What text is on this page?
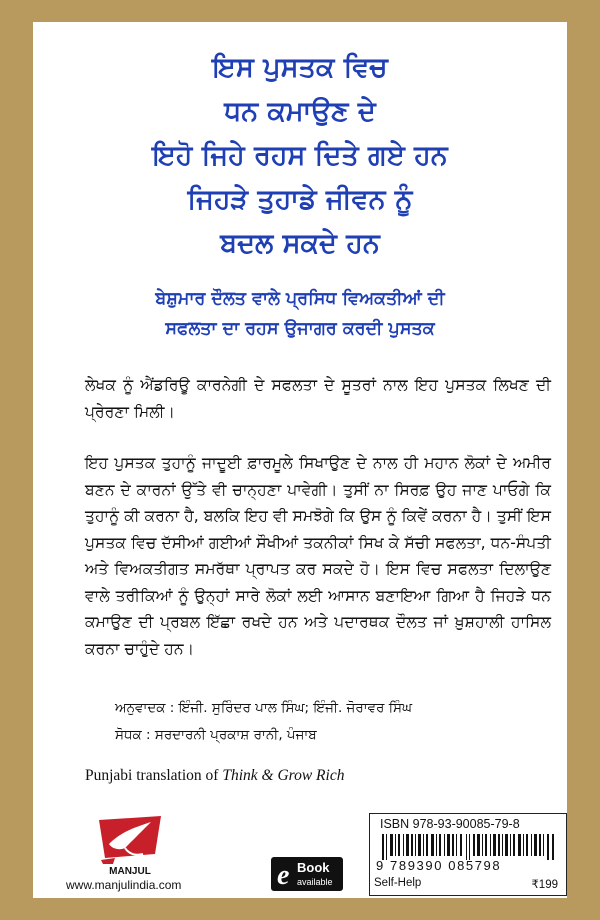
ਇਸ ਪੁਸਤਕ ਵਿਚ
ਧਨ ਕਮਾਉਣ ਦੇ
ਇਹੋ ਜਿਹੇ ਰਹਸ ਦਿਤੇ ਗਏ ਹਨ
ਜਿਹੜੇ ਤੁਹਾਡੇ ਜੀਵਨ ਨੂੰ
ਬਦਲ ਸਕਦੇ ਹਨ
ਬੇਸ਼ੁਮਾਰ ਦੌਲਤ ਵਾਲੇ ਪ੍ਰਸਿਧ ਵਿਅਕਤੀਆਂ ਦੀ
ਸਫਲਤਾ ਦਾ ਰਹਸ ਉਜਾਗਰ ਕਰਦੀ ਪੁਸਤਕ
ਲੇਖਕ ਨੂੰ ਐਂਡਰਿਊ ਕਾਰਨੇਗੀ ਦੇ ਸਫਲਤਾ ਦੇ ਸੂਤਰਾਂ ਨਾਲ ਇਹ ਪੁਸਤਕ ਲਿਖਣ ਦੀ ਪ੍ਰੇਰਣਾ ਮਿਲੀ।
ਇਹ ਪੁਸਤਕ ਤੁਹਾਨੂੰ ਜਾਦੂਈ ਫ਼ਾਰਮੂਲੇ ਸਿਖਾਉਣ ਦੇ ਨਾਲ ਹੀ ਮਹਾਨ ਲੋਕਾਂ ਦੇ ਅਮੀਰ ਬਣਨ ਦੇ ਕਾਰਨਾਂ ਉੱਤੇ ਵੀ ਚਾਨ੍ਹਣਾ ਪਾਵੇਗੀ। ਤੁਸੀਂ ਨਾ ਸਿਰਫ਼ ਉਹ ਜਾਣ ਪਾਓਗੇ ਕਿ ਤੁਹਾਨੂੰ ਕੀ ਕਰਨਾ ਹੈ, ਬਲਕਿ ਇਹ ਵੀ ਸਮਝੋਗੇ ਕਿ ਉਸ ਨੂੰ ਕਿਵੇਂ ਕਰਨਾ ਹੈ। ਤੁਸੀਂ ਇਸ ਪੁਸਤਕ ਵਿਚ ਦੱਸੀਆਂ ਗਈਆਂ ਸੌਖੀਆਂ ਤਕਨੀਕਾਂ ਸਿਖ ਕੇ ਸੱਚੀ ਸਫਲਤਾ, ਧਨ-ਸੰਪਤੀ ਅਤੇ ਵਿਅਕਤੀਗਤ ਸਮਰੱਥਾ ਪ੍ਰਾਪਤ ਕਰ ਸਕਦੇ ਹੋ। ਇਸ ਵਿਚ ਸਫਲਤਾ ਦਿਲਾਉਣ ਵਾਲੇ ਤਰੀਕਿਆਂ ਨੂੰ ਉਨ੍ਹਾਂ ਸਾਰੇ ਲੋਕਾਂ ਲਈ ਆਸਾਨ ਬਣਾਇਆ ਗਿਆ ਹੈ ਜਿਹੜੇ ਧਨ ਕਮਾਉਣ ਦੀ ਪ੍ਰਬਲ ਇੱਛਾ ਰਖਦੇ ਹਨ ਅਤੇ ਪਦਾਰਥਕ ਦੌਲਤ ਜਾਂ ਖ਼ੁਸ਼ਹਾਲੀ ਹਾਸਿਲ ਕਰਨਾ ਚਾਹੁੰਦੇ ਹਨ।
ਅਨੁਵਾਦਕ : ਇੰਜੀ. ਸੁਰਿੰਦਰ ਪਾਲ ਸਿੰਘ; ਇੰਜੀ. ਜੋਰਾਵਰ ਸਿੰਘ
ਸੋਧਕ : ਸਰਦਾਰਨੀ ਪ੍ਰਕਾਸ਼ ਰਾਨੀ, ਪੰਜਾਬ
Punjabi translation of Think & Grow Rich
MANJUL
www.manjulindia.com	e Book
available
ISBN 978-93-90085-79-8
9 789390 085798
Self-Help	₹199
